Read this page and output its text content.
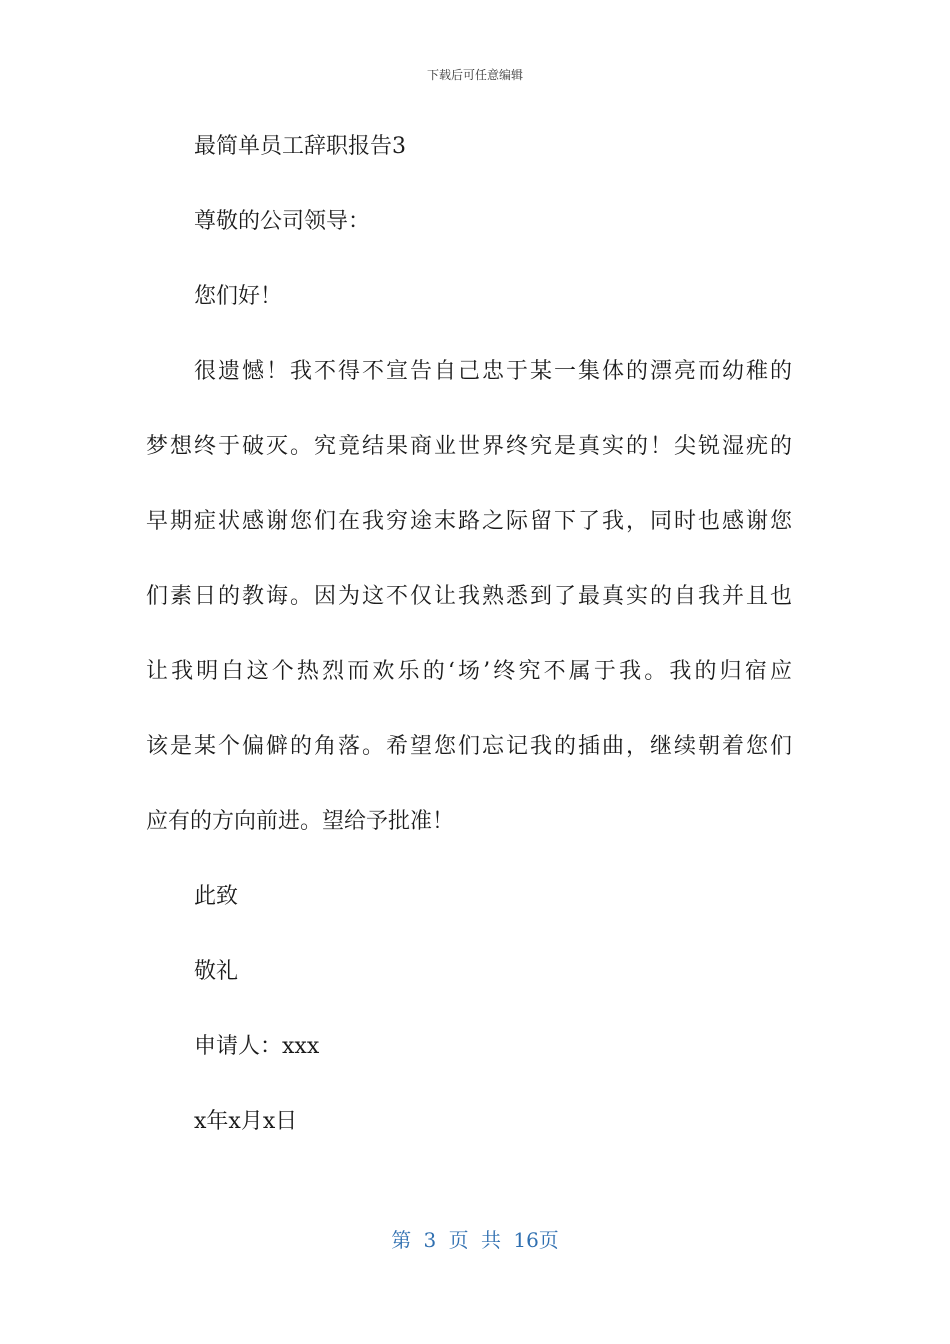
下载后可任意编辑

最简单员工辞职报告3

尊敬的公司领导：

您们好！

很遗憾！我不得不宣告自己忠于某一集体的漂亮而幼稚的
梦想终于破灭。究竟结果商业世界终究是真实的！尖锐湿疣的
早期症状感谢您们在我穷途末路之际留下了我，同时也感谢您
们素日的教诲。因为这不仅让我熟悉到了最真实的自我并且也
让我明白这个热烈而欢乐的‘场’终究不属于我。我的归宿应
该是某个偏僻的角落。希望您们忘记我的插曲，继续朝着您们
应有的方向前进。望给予批准！

此致

敬礼

申请人：xxx

x年x月x日

第 3 页 共 16页
